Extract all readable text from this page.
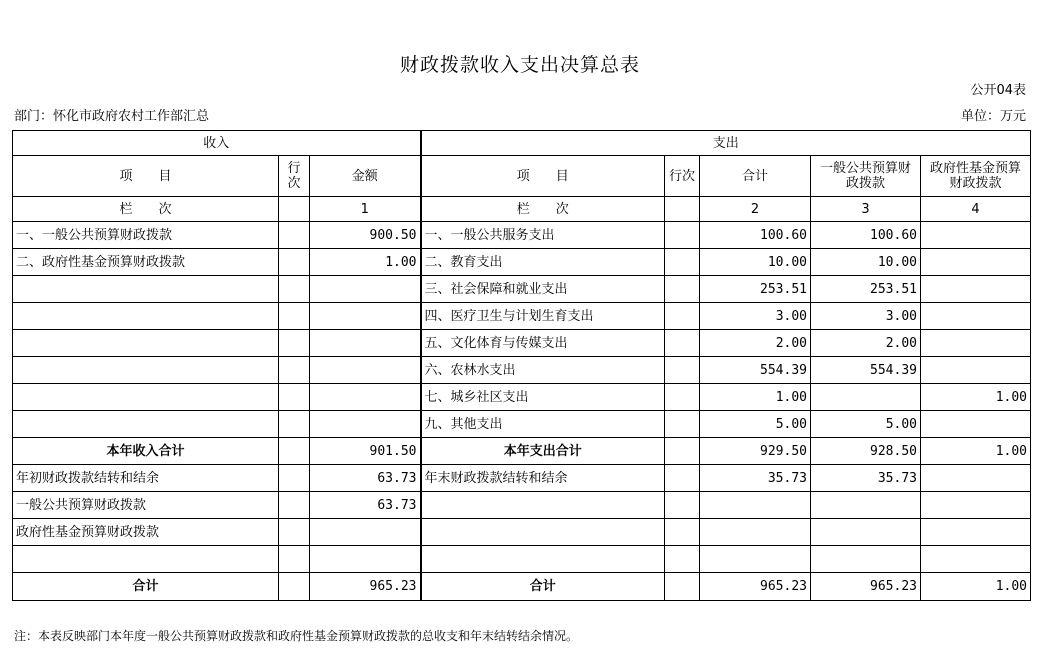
财政拨款收入支出决算总表
公开04表
部门：怀化市政府农村工作部汇总	单位：万元
收入			支出				
项　　目	行次	金额	项　　目	行次	合计	一般公共预算财政拨款	政府性基金预算财政拨款
栏　　次		1	栏　　次		2	3	4
一、一般公共预算财政拨款		900.50	一、一般公共服务支出		100.60	100.60	
二、政府性基金预算财政拨款		1.00	二、教育支出		10.00	10.00	
			三、社会保障和就业支出		253.51	253.51	
			四、医疗卫生与计划生育支出		3.00	3.00	
			五、文化体育与传媒支出		2.00	2.00	
			六、农林水支出		554.39	554.39	
			七、城乡社区支出		1.00		1.00
			九、其他支出		5.00	5.00	
本年收入合计		901.50	本年支出合计		929.50	928.50	1.00
年初财政拨款结转和结余		63.73	年末财政拨款结转和结余		35.73	35.73	
一般公共预算财政拨款		63.73					
政府性基金预算财政拨款							

合计		965.23	合计		965.23	965.23	1.00
注：本表反映部门本年度一般公共预算财政拨款和政府性基金预算财政拨款的总收支和年末结转结余情况。
